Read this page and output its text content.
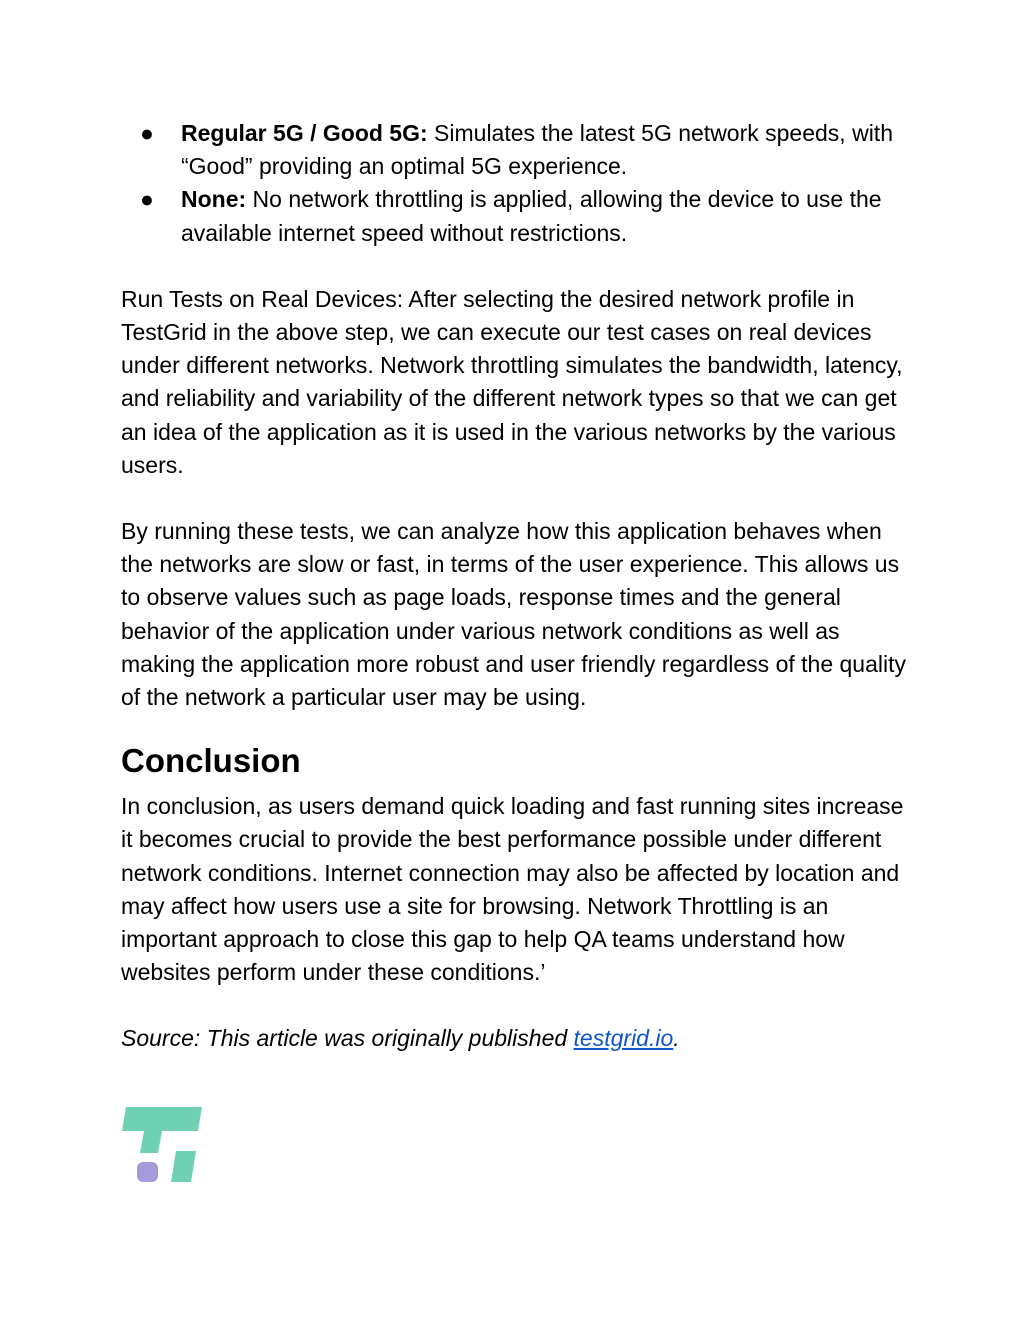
● Regular 5G / Good 5G: Simulates the latest 5G network speeds, with “Good” providing an optimal 5G experience.
● None: No network throttling is applied, allowing the device to use the available internet speed without restrictions.

Run Tests on Real Devices: After selecting the desired network profile in TestGrid in the above step, we can execute our test cases on real devices under different networks. Network throttling simulates the bandwidth, latency, and reliability and variability of the different network types so that we can get an idea of the application as it is used in the various networks by the various users.

By running these tests, we can analyze how this application behaves when the networks are slow or fast, in terms of the user experience. This allows us to observe values such as page loads, response times and the general behavior of the application under various network conditions as well as making the application more robust and user friendly regardless of the quality of the network a particular user may be using.

Conclusion

In conclusion, as users demand quick loading and fast running sites increase it becomes crucial to provide the best performance possible under different network conditions. Internet connection may also be affected by location and may affect how users use a site for browsing. Network Throttling is an important approach to close this gap to help QA teams understand how websites perform under these conditions.’

Source: This article was originally published testgrid.io.
